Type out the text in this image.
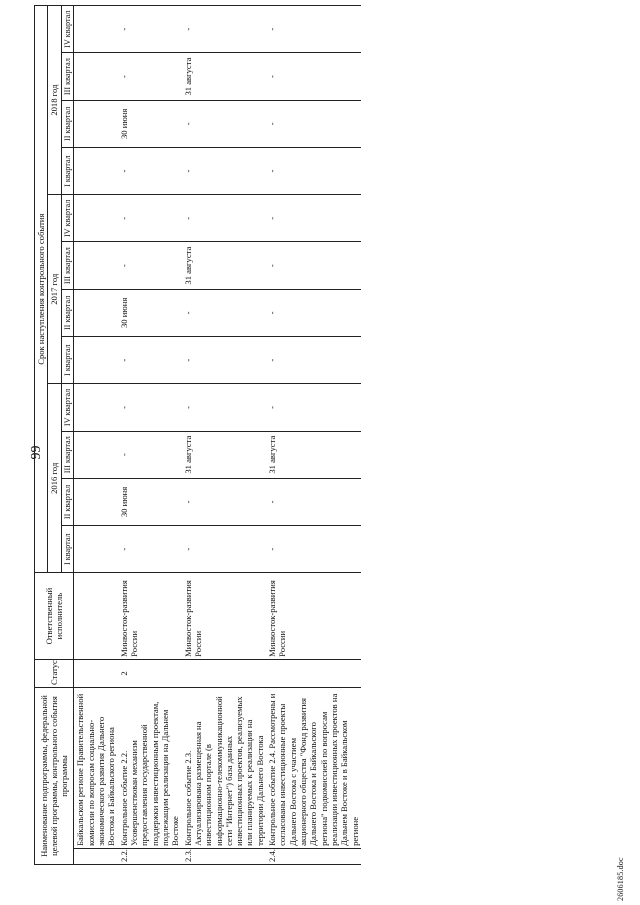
99
Наименование подпрограммы, федеральной целевой программы, контрольного события программы		Статус	Ответственный исполнитель	Срок наступления контрольного события											
				2016 год				2017 год				2018 год			
				I квартал	II квартал	III квартал	IV квартал	I квартал	II квартал	III квартал	IV квартал	I квартал	II квартал	III квартал	IV квартал

	Байкальском регионе Правительственной комиссии по вопросам социально-экономического развития Дальнего Востока и Байкальского региона														
2.2.	Контрольное событие 2.2. Усовершенствован механизм предоставления государственной поддержки инвестиционным проектам, подлежащим реализации на Дальнем Востоке	2	Минвосток-развития России	-	30 июня	-	-	-	30 июня	-	-	-	30 июня	-	-
2.3.	Контрольное событие 2.3. Актуализирована размещенная на инвестиционном портале (в информационно-телекоммуникационной сети "Интернет") база данных инвестиционных проектов, реализуемых или планируемых к реализации на территории Дальнего Востока		Минвосток-развития России	-	-	31 августа	-	-	-	31 августа	-	-	-	31 августа	-
2.4.	Контрольное событие 2.4. Рассмотрены и согласованы инвестиционные проекты Дальнего Востока с участием акционерного общества "Фонд развития Дальнего Востока и Байкальского региона" подкомиссией по вопросам реализации инвестиционных проектов на Дальнем Востоке и в Байкальском регионе		Минвосток-развития России	-	-	31 августа	-	-	-	-	-	-	-	-	-
2606185.doc
